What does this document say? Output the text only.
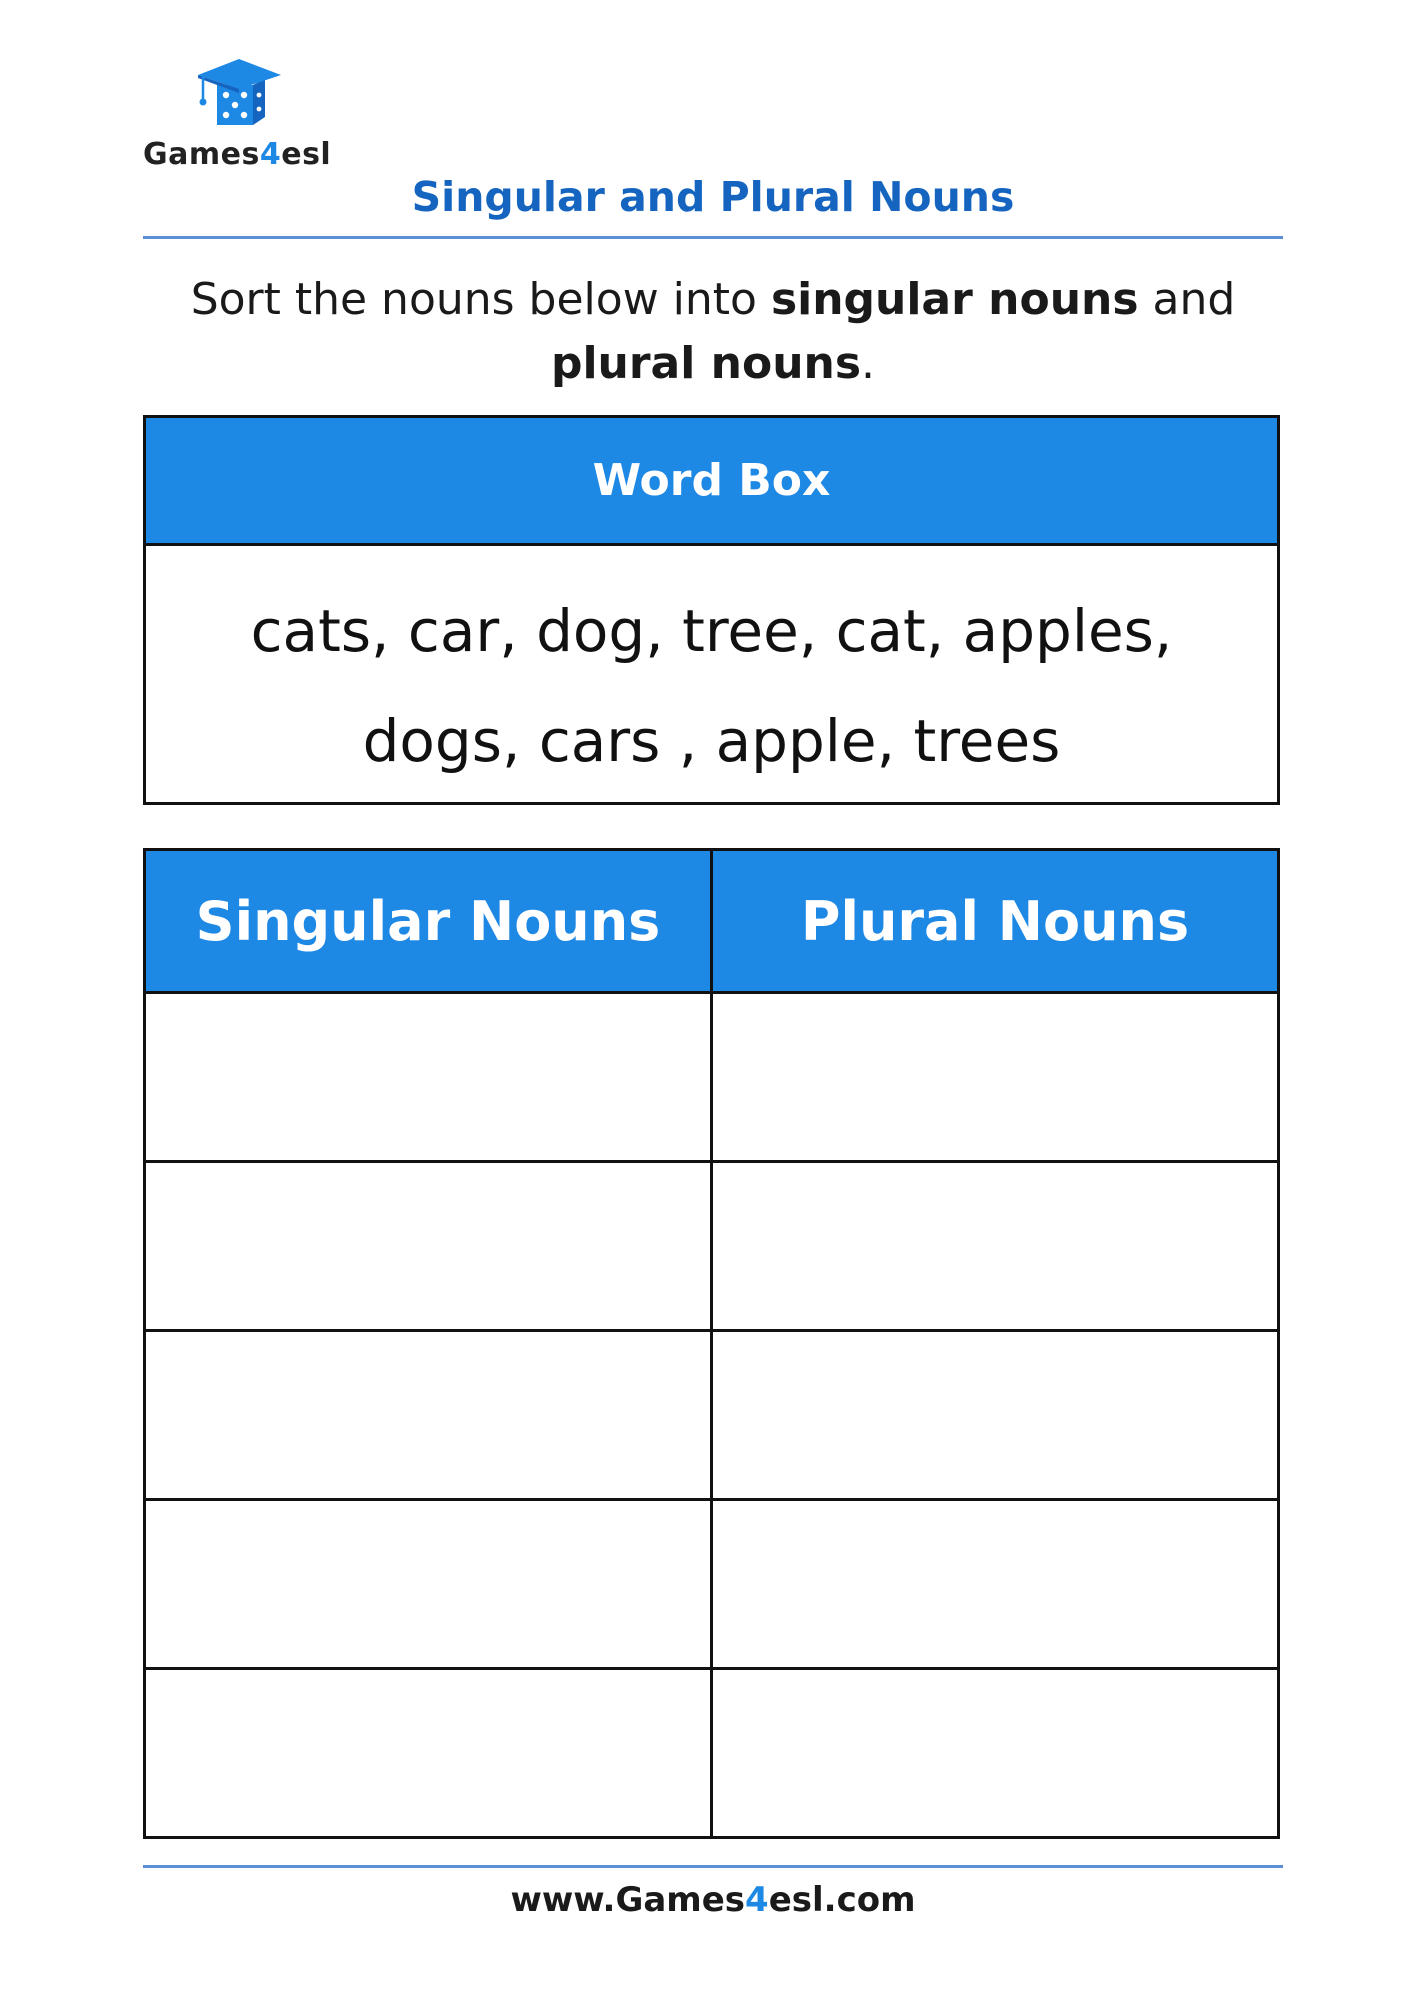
Games4esl
Singular and Plural Nouns
Sort the nouns below into singular nouns and
plural nouns.
Word Box
cats, car, dog, tree, cat, apples,
dogs, cars , apple, trees
Singular Nouns	Plural Nouns

www.Games4esl.com
